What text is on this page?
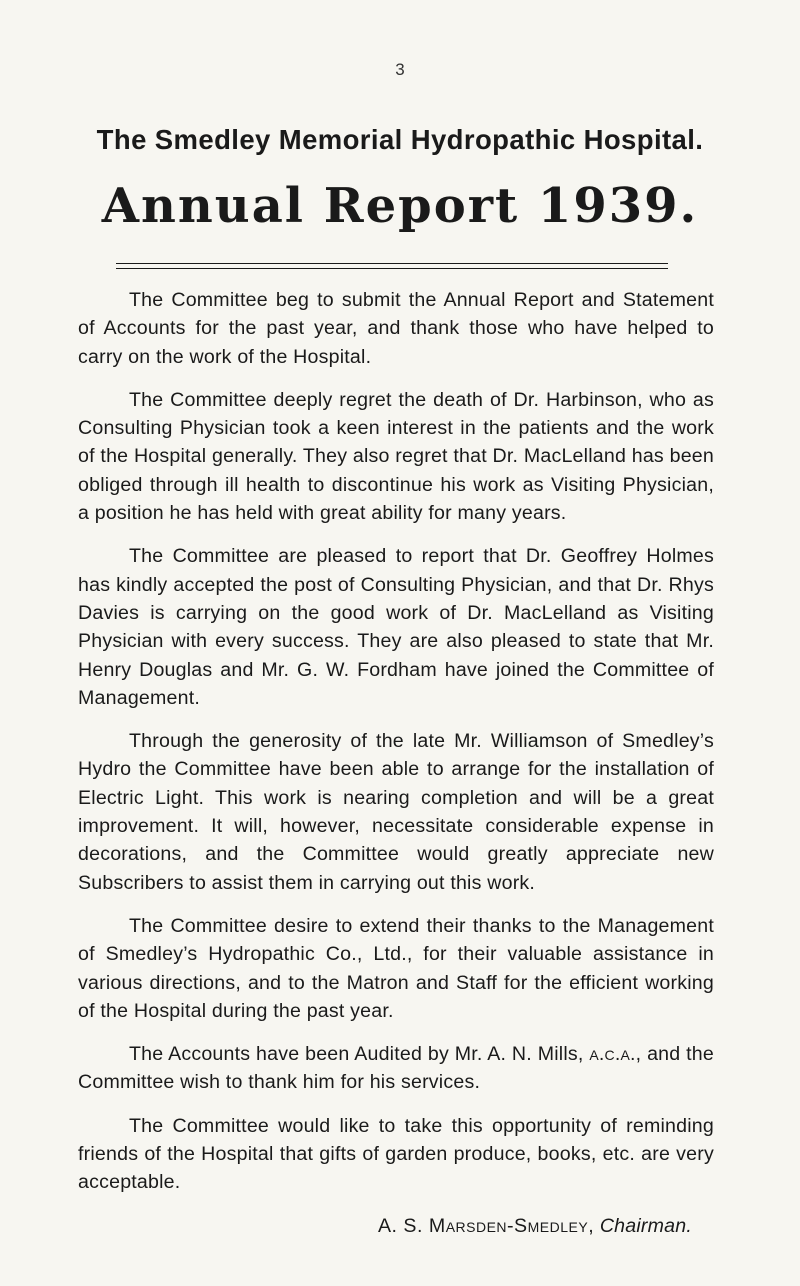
3
The Smedley Memorial Hydropathic Hospital.
Annual Report 1939.

The Committee beg to submit the Annual Report and Statement of Accounts for the past year, and thank those who have helped to carry on the work of the Hospital.

The Committee deeply regret the death of Dr. Harbinson, who as Consulting Physician took a keen interest in the patients and the work of the Hospital generally. They also regret that Dr. MacLelland has been obliged through ill health to discontinue his work as Visiting Physician, a position he has held with great ability for many years.

The Committee are pleased to report that Dr. Geoffrey Holmes has kindly accepted the post of Consulting Physician, and that Dr. Rhys Davies is carrying on the good work of Dr. MacLelland as Visiting Physician with every success. They are also pleased to state that Mr. Henry Douglas and Mr. G. W. Fordham have joined the Committee of Management.

Through the generosity of the late Mr. Williamson of Smedley’s Hydro the Committee have been able to arrange for the installation of Electric Light. This work is nearing completion and will be a great improvement. It will, however, necessitate considerable expense in decorations, and the Committee would greatly appreciate new Subscribers to assist them in carrying out this work.

The Committee desire to extend their thanks to the Management of Smedley’s Hydropathic Co., Ltd., for their valuable assistance in various directions, and to the Matron and Staff for the efficient working of the Hospital during the past year.

The Accounts have been Audited by Mr. A. N. Mills, a.c.a., and the Committee wish to thank him for his services.

The Committee would like to take this opportunity of reminding friends of the Hospital that gifts of garden produce, books, etc. are very acceptable.

A. S. Marsden-Smedley, Chairman.
